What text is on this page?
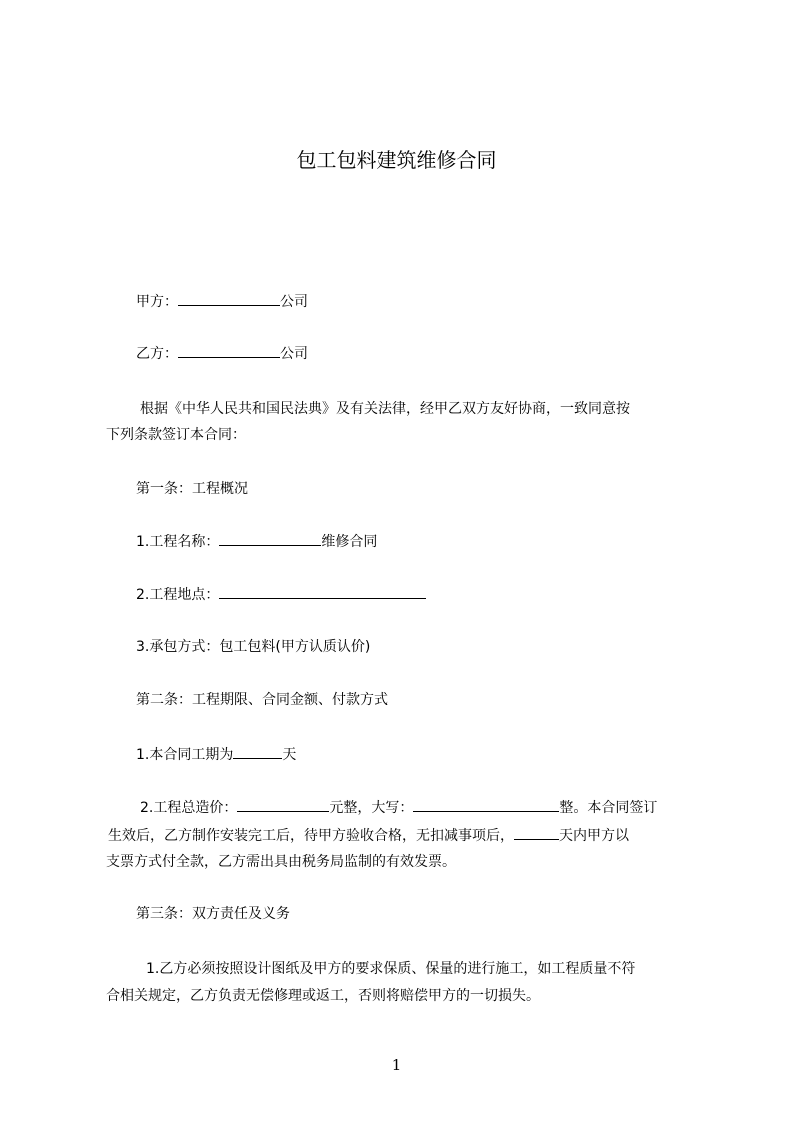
包工包料建筑维修合同
甲方：	公司
乙方：	公司
根据《中华人民共和国民法典》及有关法律，经甲乙双方友好协商，一致同意按
下列条款签订本合同：
第一条：工程概况
1.工程名称：	维修合同
2.工程地点：
3.承包方式：包工包料(甲方认质认价)
第二条：工程期限、合同金额、付款方式
1.本合同工期为	天
2.工程总造价：	元整，大写：	整。本合同签订
生效后，乙方制作安装完工后，待甲方验收合格，无扣减事项后，	天内甲方以
支票方式付全款，乙方需出具由税务局监制的有效发票。
第三条：双方责任及义务
1.乙方必须按照设计图纸及甲方的要求保质、保量的进行施工，如工程质量不符
合相关规定，乙方负责无偿修理或返工，否则将赔偿甲方的一切损失。
1
